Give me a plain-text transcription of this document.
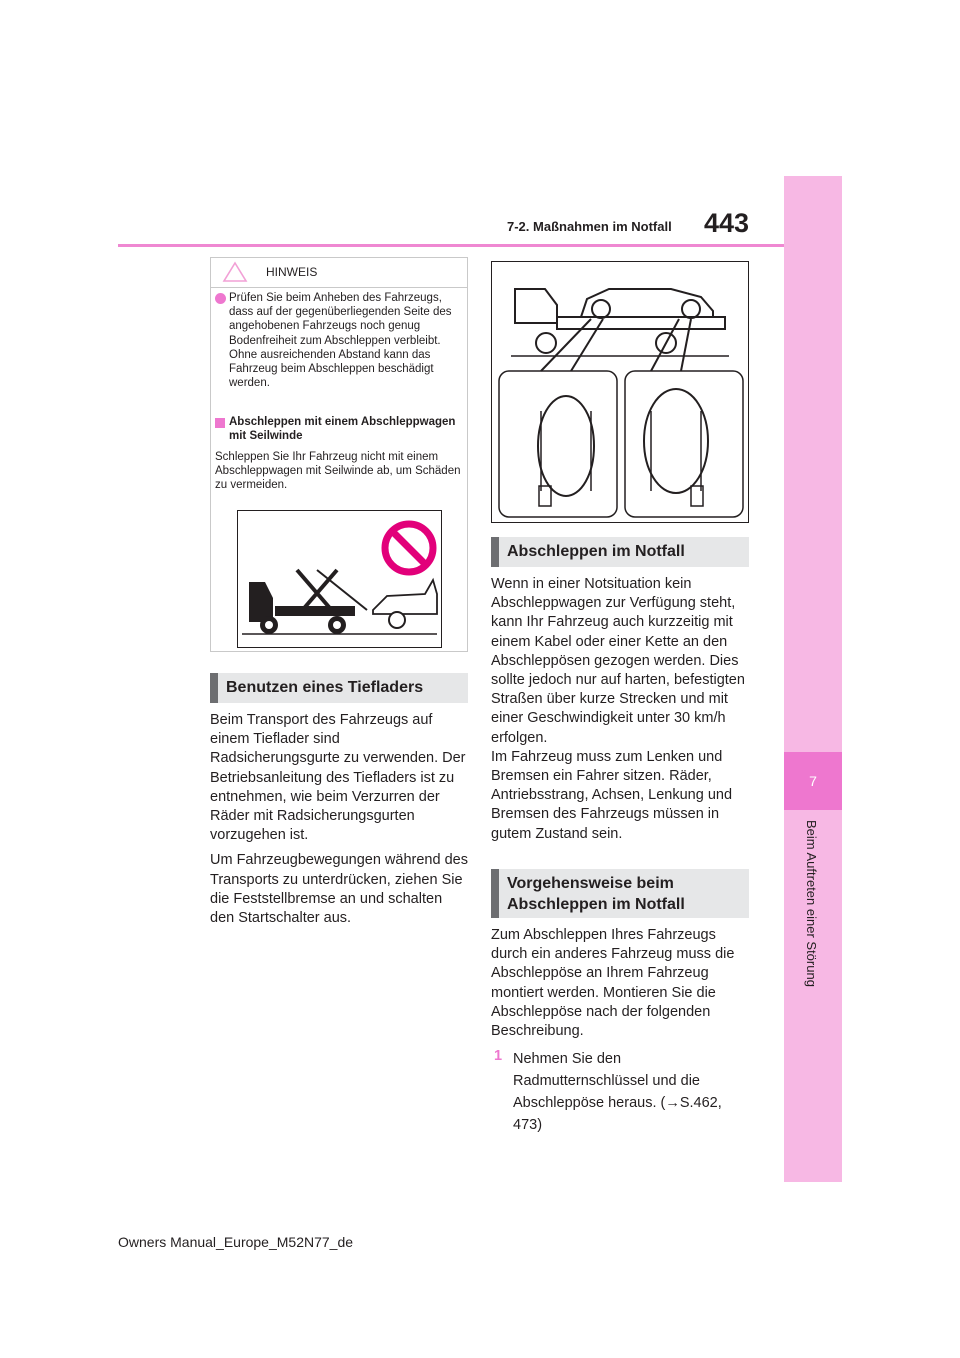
7
Beim Auftreten einer Störung
7-2. Maßnahmen im Notfall 443
HINWEIS
Prüfen Sie beim Anheben des Fahrzeugs, dass auf der gegenüberliegenden Seite des angehobenen Fahrzeugs noch genug Bodenfreiheit zum Abschleppen verbleibt. Ohne ausreichenden Abstand kann das Fahrzeug beim Abschleppen beschädigt werden.
Abschleppen mit einem Abschleppwagen mit Seilwinde
Schleppen Sie Ihr Fahrzeug nicht mit einem Abschleppwagen mit Seilwinde ab, um Schäden zu vermeiden.
Benutzen eines Tiefladers

Beim Transport des Fahrzeugs auf einem Tieflader sind Radsicherungsgurte zu verwenden. Der Betriebsanleitung des Tiefladers ist zu entnehmen, wie beim Verzurren der Räder mit Radsicherungsgurten vorzugehen ist.

Um Fahrzeugbewegungen während des Transports zu unterdrücken, ziehen Sie die Feststellbremse an und schalten den Startschalter aus.

Abschleppen im Notfall

Wenn in einer Notsituation kein Abschleppwagen zur Verfügung steht, kann Ihr Fahrzeug auch kurzzeitig mit einem Kabel oder einer Kette an den Abschleppösen gezogen werden. Dies sollte jedoch nur auf harten, befestigten Straßen über kurze Strecken und mit einer Geschwindigkeit unter 30 km/h erfolgen.

Im Fahrzeug muss zum Lenken und Bremsen ein Fahrer sitzen. Räder, Antriebsstrang, Achsen, Lenkung und Bremsen des Fahrzeugs müssen in gutem Zustand sein.

Vorgehensweise beim Abschleppen im Notfall

Zum Abschleppen Ihres Fahrzeugs durch ein anderes Fahrzeug muss die Abschleppöse an Ihrem Fahrzeug montiert werden. Montieren Sie die Abschleppöse nach der folgenden Beschreibung.

1 Nehmen Sie den Radmutternschlüssel und die Abschleppöse heraus. (→S.462, 473)
Owners Manual_Europe_M52N77_de
